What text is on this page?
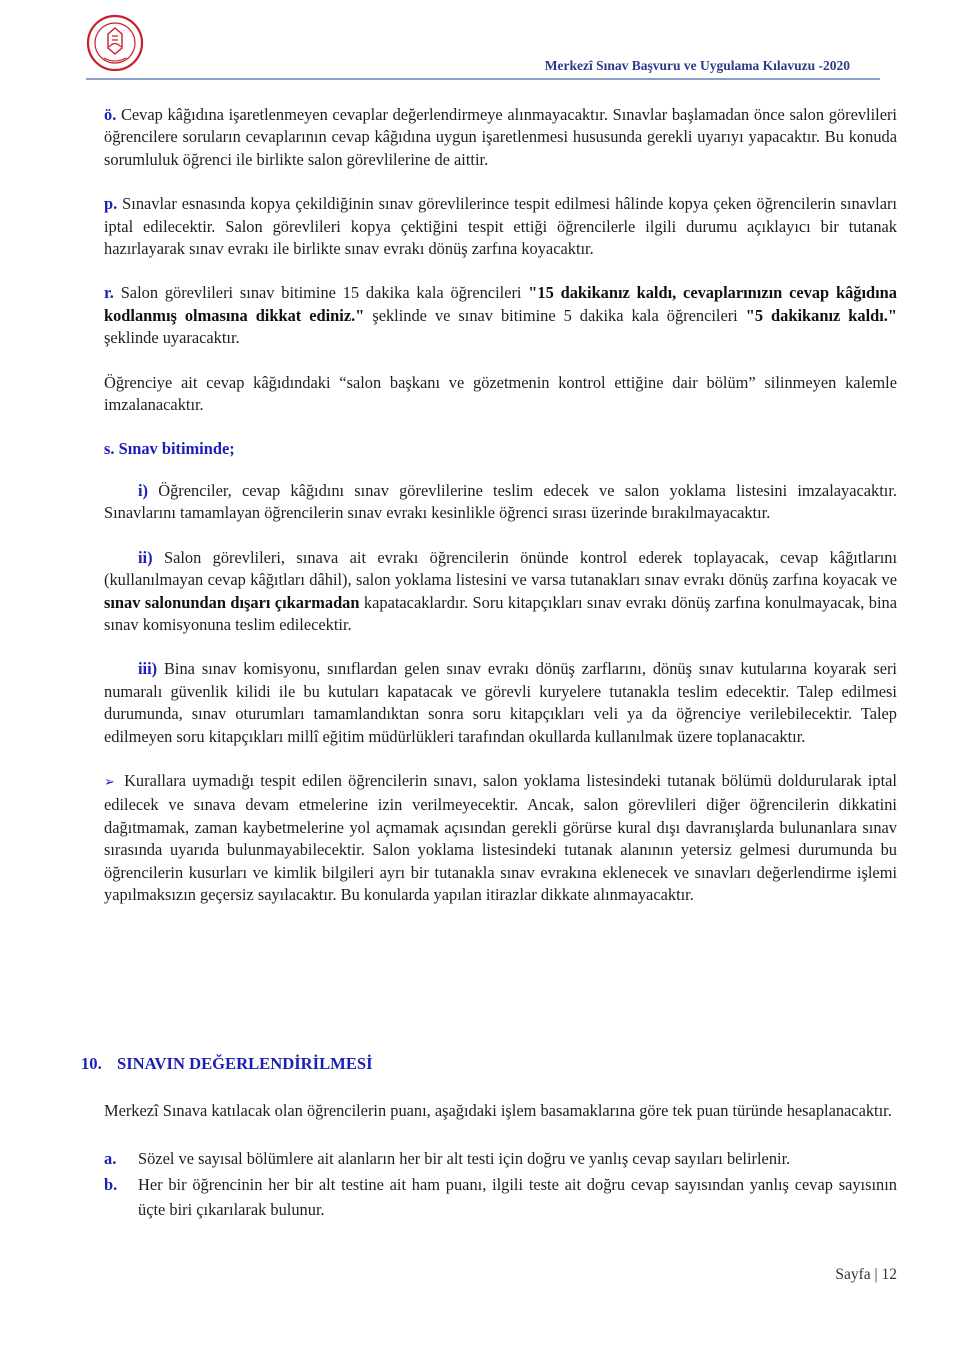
Merkezî Sınav Başvuru ve Uygulama Kılavuzu -2020

ö. Cevap kâğıdına işaretlenmeyen cevaplar değerlendirmeye alınmayacaktır. Sınavlar başlamadan önce salon görevlileri öğrencilere soruların cevaplarının cevap kâğıdına uygun işaretlenmesi hususunda gerekli uyarıyı yapacaktır. Bu konuda sorumluluk öğrenci ile birlikte salon görevlilerine de aittir.

p. Sınavlar esnasında kopya çekildiğinin sınav görevlilerince tespit edilmesi hâlinde kopya çeken öğrencilerin sınavları iptal edilecektir. Salon görevlileri kopya çektiğini tespit ettiği öğrencilerle ilgili durumu açıklayıcı bir tutanak hazırlayarak sınav evrakı ile birlikte sınav evrakı dönüş zarfına koyacaktır.

r. Salon görevlileri sınav bitimine 15 dakika kala öğrencileri "15 dakikanız kaldı, cevaplarınızın cevap kâğıdına kodlanmış olmasına dikkat ediniz." şeklinde ve sınav bitimine 5 dakika kala öğrencileri "5 dakikanız kaldı." şeklinde uyaracaktır.

Öğrenciye ait cevap kâğıdındaki “salon başkanı ve gözetmenin kontrol ettiğine dair bölüm” silinmeyen kalemle imzalanacaktır.

s. Sınav bitiminde;

i) Öğrenciler, cevap kâğıdını sınav görevlilerine teslim edecek ve salon yoklama listesini imzalayacaktır. Sınavlarını tamamlayan öğrencilerin sınav evrakı kesinlikle öğrenci sırası üzerinde bırakılmayacaktır.

ii) Salon görevlileri, sınava ait evrakı öğrencilerin önünde kontrol ederek toplayacak, cevap kâğıtlarını (kullanılmayan cevap kâğıtları dâhil), salon yoklama listesini ve varsa tutanakları sınav evrakı dönüş zarfına koyacak ve sınav salonundan dışarı çıkarmadan kapatacaklardır. Soru kitapçıkları sınav evrakı dönüş zarfına konulmayacak, bina sınav komisyonuna teslim edilecektir.

iii) Bina sınav komisyonu, sınıflardan gelen sınav evrakı dönüş zarflarını, dönüş sınav kutularına koyarak seri numaralı güvenlik kilidi ile bu kutuları kapatacak ve görevli kuryelere tutanakla teslim edecektir. Talep edilmesi durumunda, sınav oturumları tamamlandıktan sonra soru kitapçıkları veli ya da öğrenciye verilebilecektir. Talep edilmeyen soru kitapçıkları millî eğitim müdürlükleri tarafından okullarda kullanılmak üzere toplanacaktır.

➢ Kurallara uymadığı tespit edilen öğrencilerin sınavı, salon yoklama listesindeki tutanak bölümü doldurularak iptal edilecek ve sınava devam etmelerine izin verilmeyecektir. Ancak, salon görevlileri diğer öğrencilerin dikkatini dağıtmamak, zaman kaybetmelerine yol açmamak açısından gerekli görürse kural dışı davranışlarda bulunanlara sınav sırasında uyarıda bulunmayabilecektir. Salon yoklama listesindeki tutanak alanının yetersiz gelmesi durumunda bu öğrencilerin kusurları ve kimlik bilgileri ayrı bir tutanakla sınav evrakına eklenecek ve sınavları değerlendirme işlemi yapılmaksızın geçersiz sayılacaktır. Bu konularda yapılan itirazlar dikkate alınmayacaktır.

10. SINAVIN DEĞERLENDİRİLMESİ

Merkezî Sınava katılacak olan öğrencilerin puanı, aşağıdaki işlem basamaklarına göre tek puan türünde hesaplanacaktır.

a.	Sözel ve sayısal bölümlere ait alanların her bir alt testi için doğru ve yanlış cevap sayıları belirlenir.
b.	Her bir öğrencinin her bir alt testine ait ham puanı, ilgili teste ait doğru cevap sayısından yanlış cevap sayısının üçte biri çıkarılarak bulunur.
Sayfa | 12
